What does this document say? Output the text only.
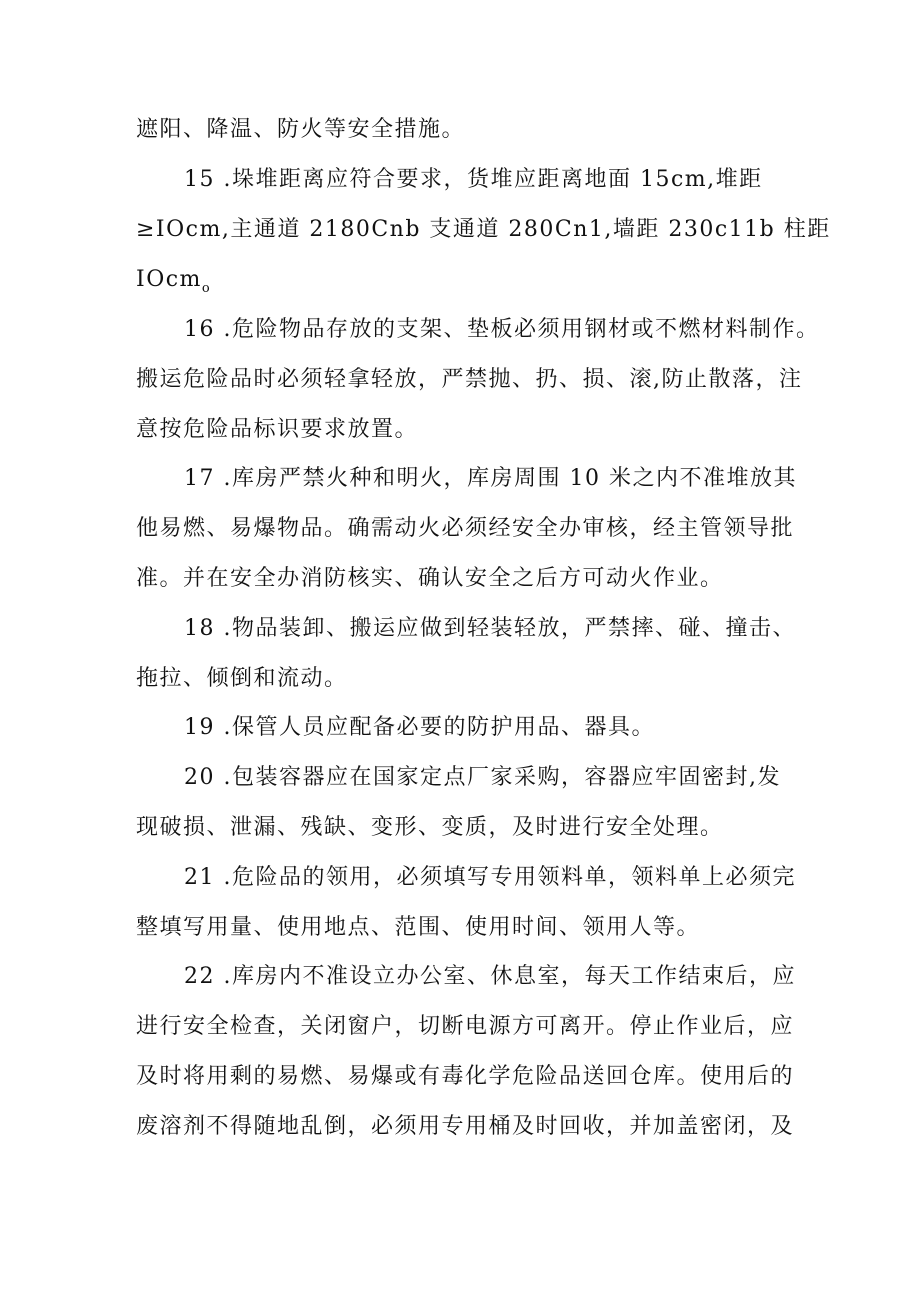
遮阳、降温、防火等安全措施。
15 .垛堆距离应符合要求，货堆应距离地面 15cm,堆距
≥IOcm,主通道 2180Cnb 支通道 280Cn1,墙距 230c11b 柱距
IOcm$_o$
16 .危险物品存放的支架、垫板必须用钢材或不燃材料制作。
搬运危险品时必须轻拿轻放，严禁抛、扔、损、滚,防止散落，注
意按危险品标识要求放置。
17 .库房严禁火种和明火，库房周围 10 米之内不准堆放其
他易燃、易爆物品。确需动火必须经安全办审核，经主管领导批
准。并在安全办消防核实、确认安全之后方可动火作业。
18 .物品装卸、搬运应做到轻装轻放，严禁摔、碰、撞击、
拖拉、倾倒和流动。
19 .保管人员应配备必要的防护用品、器具。
20 .包装容器应在国家定点厂家采购，容器应牢固密封,发
现破损、泄漏、残缺、变形、变质，及时进行安全处理。
21 .危险品的领用，必须填写专用领料单，领料单上必须完
整填写用量、使用地点、范围、使用时间、领用人等。
22 .库房内不准设立办公室、休息室，每天工作结束后，应
进行安全检查，关闭窗户，切断电源方可离开。停止作业后，应
及时将用剩的易燃、易爆或有毒化学危险品送回仓库。使用后的
废溶剂不得随地乱倒，必须用专用桶及时回收，并加盖密闭，及
